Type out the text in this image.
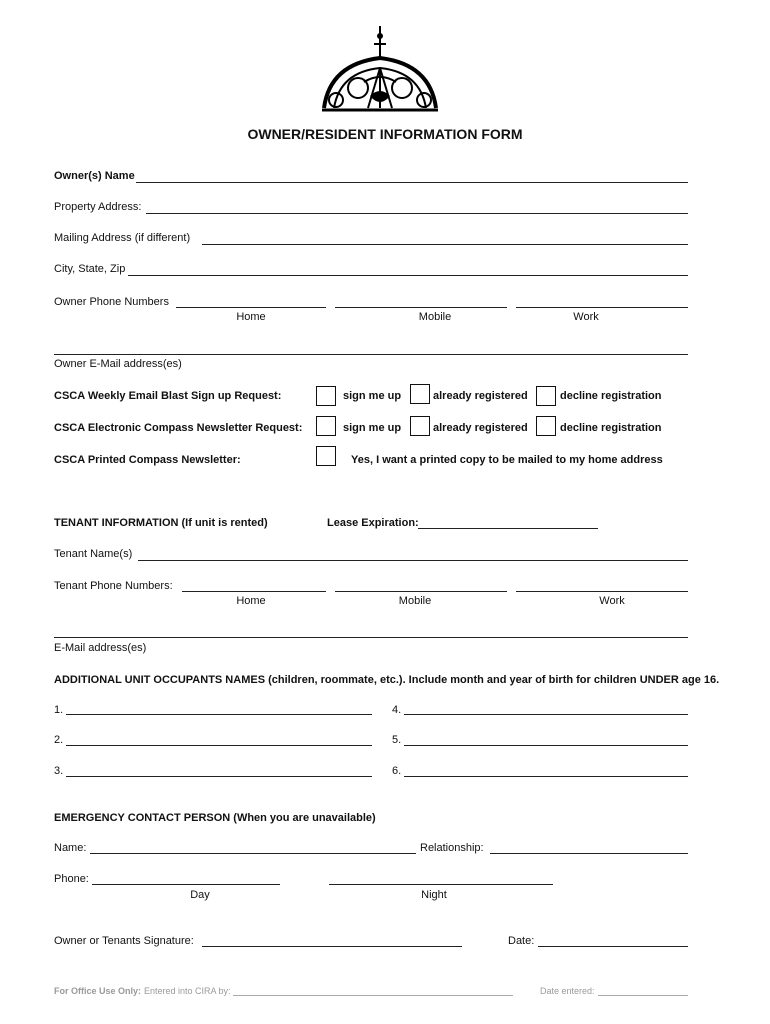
OWNER/RESIDENT INFORMATION FORM
Owner(s) Name
Property Address:
Mailing Address (if different)
City, State, Zip
Owner Phone Numbers
Home	Mobile	Work
Owner E-Mail address(es)
CSCA Weekly Email Blast Sign up Request:	sign me up	already registered	decline registration
CSCA Electronic Compass Newsletter Request:	sign me up	already registered	decline registration
CSCA Printed Compass Newsletter:	Yes, I want a printed copy to be mailed to my home address
TENANT INFORMATION (If unit is rented)	Lease Expiration:
Tenant Name(s)
Tenant Phone Numbers:
Home	Mobile	Work
E-Mail address(es)
ADDITIONAL UNIT OCCUPANTS NAMES (children, roommate, etc.). Include month and year of birth for children UNDER age 16.
1.	4.
2.	5.
3.	6.
EMERGENCY CONTACT PERSON (When you are unavailable)
Name:	Relationship:
Phone:
Day	Night
Owner or Tenants Signature:	Date:
For Office Use Only: Entered into CIRA by:	Date entered:
